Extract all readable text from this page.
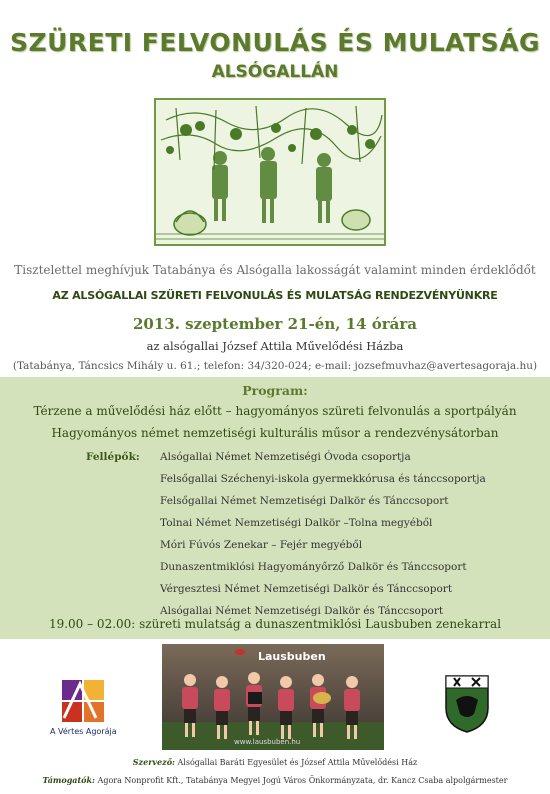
SZÜRETI FELVONULÁS ÉS MULATSÁG
ALSÓGALLÁN
Tisztelettel meghívjuk Tatabánya és Alsógalla lakosságát valamint minden érdeklődőt
AZ ALSÓGALLAI SZÜRETI FELVONULÁS ÉS MULATSÁG RENDEZVÉNYÜNKRE
2013. szeptember 21-én, 14 órára
az alsógallai József Attila Művelődési Házba
(Tatabánya, Táncsics Mihály u. 61.; telefon: 34/320-024; e-mail: jozsefmuvhaz@avertesagoraja.hu)
Program:
Térzene a művelődési ház előtt – hagyományos szüreti felvonulás a sportpályán
Hagyományos német nemzetiségi kulturális műsor a rendezvénysátorban
Fellépők: Alsógallai Német Nemzetiségi Óvoda csoportja
Felsőgallai Széchenyi-iskola gyermekkórusa és tánccsoportja
Felsőgallai Német Nemzetiségi Dalkör és Tánccsoport
Tolnai Német Nemzetiségi Dalkör –Tolna megyéből
Móri Fúvós Zenekar – Fejér megyéből
Dunaszentmiklósi Hagyományőrző Dalkör és Tánccsoport
Vérgesztesi Német Nemzetiségi Dalkör és Tánccsoport
Alsógallai Német Nemzetiségi Dalkör és Tánccsoport
19.00 – 02.00: szüreti mulatság a dunaszentmiklósi Lausbuben zenekarral
Lausbuben
www.lausbuben.hu
A Vértes Agorája
Szervező: Alsógallai Baráti Egyesület és József Attila Művelődési Ház
Támogatók: Agora Nonprofit Kft., Tatabánya Megyei Jogú Város Önkormányzata, dr. Kancz Csaba alpolgármester
